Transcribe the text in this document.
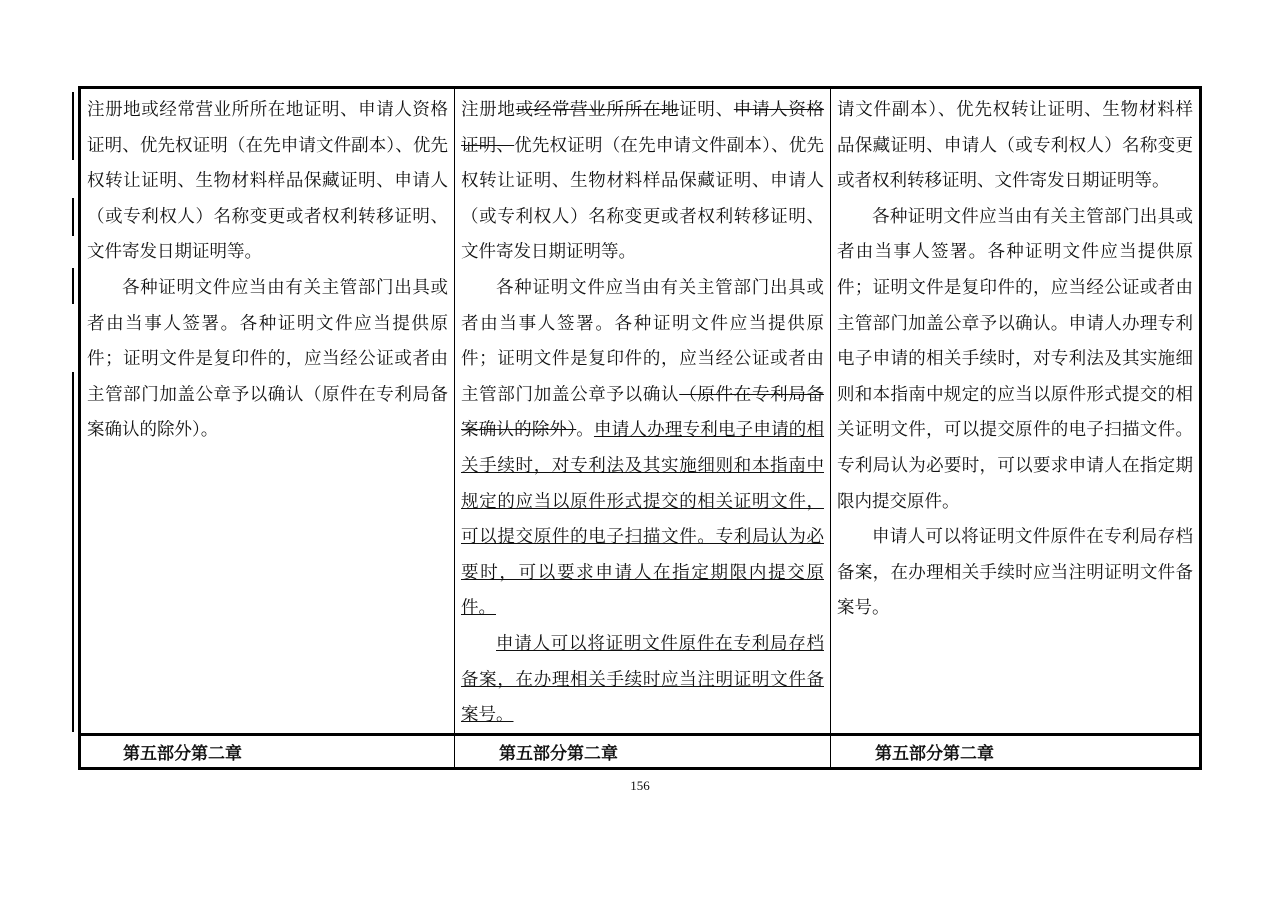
注册地或经常营业所所在地证明、申请人资格证明、优先权证明（在先申请文件副本）、优先权转让证明、生物材料样品保藏证明、申请人（或专利权人）名称变更或者权利转移证明、文件寄发日期证明等。

各种证明文件应当由有关主管部门出具或者由当事人签署。各种证明文件应当提供原件；证明文件是复印件的，应当经公证或者由主管部门加盖公章予以确认（原件在专利局备案确认的除外）。

注册地或经常营业所所在地证明、申请人资格证明、优先权证明（在先申请文件副本）、优先权转让证明、生物材料样品保藏证明、申请人（或专利权人）名称变更或者权利转移证明、文件寄发日期证明等。

各种证明文件应当由有关主管部门出具或者由当事人签署。各种证明文件应当提供原件；证明文件是复印件的，应当经公证或者由主管部门加盖公章予以确认（原件在专利局备案确认的除外）。申请人办理专利电子申请的相关手续时，对专利法及其实施细则和本指南中规定的应当以原件形式提交的相关证明文件，可以提交原件的电子扫描文件。专利局认为必要时，可以要求申请人在指定期限内提交原件。

申请人可以将证明文件原件在专利局存档备案，在办理相关手续时应当注明证明文件备案号。

请文件副本）、优先权转让证明、生物材料样品保藏证明、申请人（或专利权人）名称变更或者权利转移证明、文件寄发日期证明等。

各种证明文件应当由有关主管部门出具或者由当事人签署。各种证明文件应当提供原件；证明文件是复印件的，应当经公证或者由主管部门加盖公章予以确认。申请人办理专利电子申请的相关手续时，对专利法及其实施细则和本指南中规定的应当以原件形式提交的相关证明文件，可以提交原件的电子扫描文件。专利局认为必要时，可以要求申请人在指定期限内提交原件。

申请人可以将证明文件原件在专利局存档备案，在办理相关手续时应当注明证明文件备案号。

第五部分第二章	第五部分第二章	第五部分第二章
156
